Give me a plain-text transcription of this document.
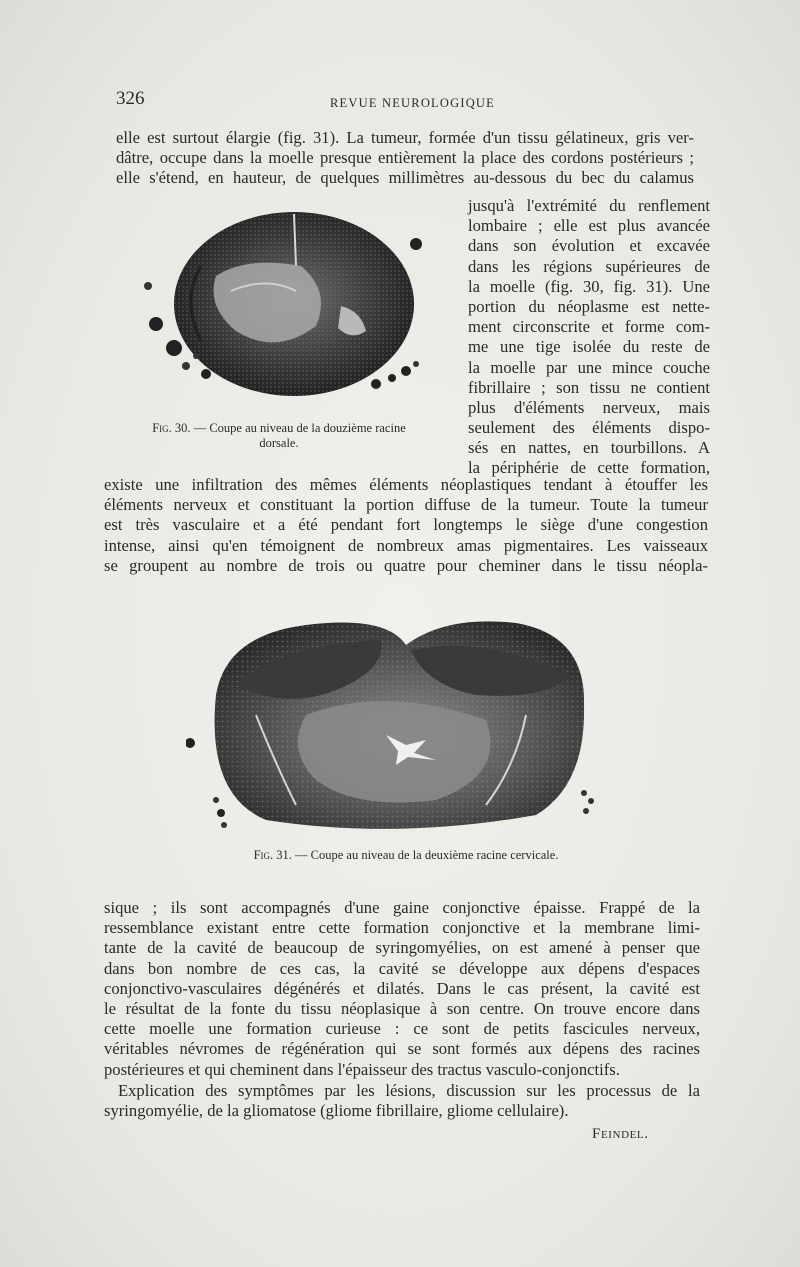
326	REVUE NEUROLOGIQUE
elle est surtout élargie (fig. 31). La tumeur, formée d'un tissu gélatineux, gris ver-
dâtre, occupe dans la moelle presque entièrement la place des cordons postérieurs ;
elle s'étend, en hauteur, de quelques millimètres au-dessous du bec du calamus
jusqu'à l'extrémité du renflement
lombaire ; elle est plus avancée
dans son évolution et excavée
dans les régions supérieures de
la moelle (fig. 30, fig. 31). Une
portion du néoplasme est nette-
ment circonscrite et forme com-
me une tige isolée du reste de
la moelle par une mince couche
fibrillaire ; son tissu ne contient
plus d'éléments nerveux, mais
seulement des éléments dispo-
sés en nattes, en tourbillons. A
la périphérie de cette formation,
Fig. 30. — Coupe au niveau de la douzième racine
dorsale.
existe une infiltration des mêmes éléments néoplastiques tendant à étouffer les
éléments nerveux et constituant la portion diffuse de la tumeur. Toute la tumeur
est très vasculaire et a été pendant fort longtemps le siège d'une congestion
intense, ainsi qu'en témoignent de nombreux amas pigmentaires. Les vaisseaux
se groupent au nombre de trois ou quatre pour cheminer dans le tissu néopla-
Fig. 31. — Coupe au niveau de la deuxième racine cervicale.
sique ; ils sont accompagnés d'une gaine conjonctive épaisse. Frappé de la
ressemblance existant entre cette formation conjonctive et la membrane limi-
tante de la cavité de beaucoup de syringomyélies, on est amené à penser que
dans bon nombre de ces cas, la cavité se développe aux dépens d'espaces
conjonctivo-vasculaires dégénérés et dilatés. Dans le cas présent, la cavité est
le résultat de la fonte du tissu néoplasique à son centre. On trouve encore dans
cette moelle une formation curieuse : ce sont de petits fascicules nerveux,
véritables névromes de régénération qui se sont formés aux dépens des racines
postérieures et qui cheminent dans l'épaisseur des tractus vasculo-conjonctifs.
Explication des symptômes par les lésions, discussion sur les processus de la
syringomyélie, de la gliomatose (gliome fibrillaire, gliome cellulaire).
Feindel.
